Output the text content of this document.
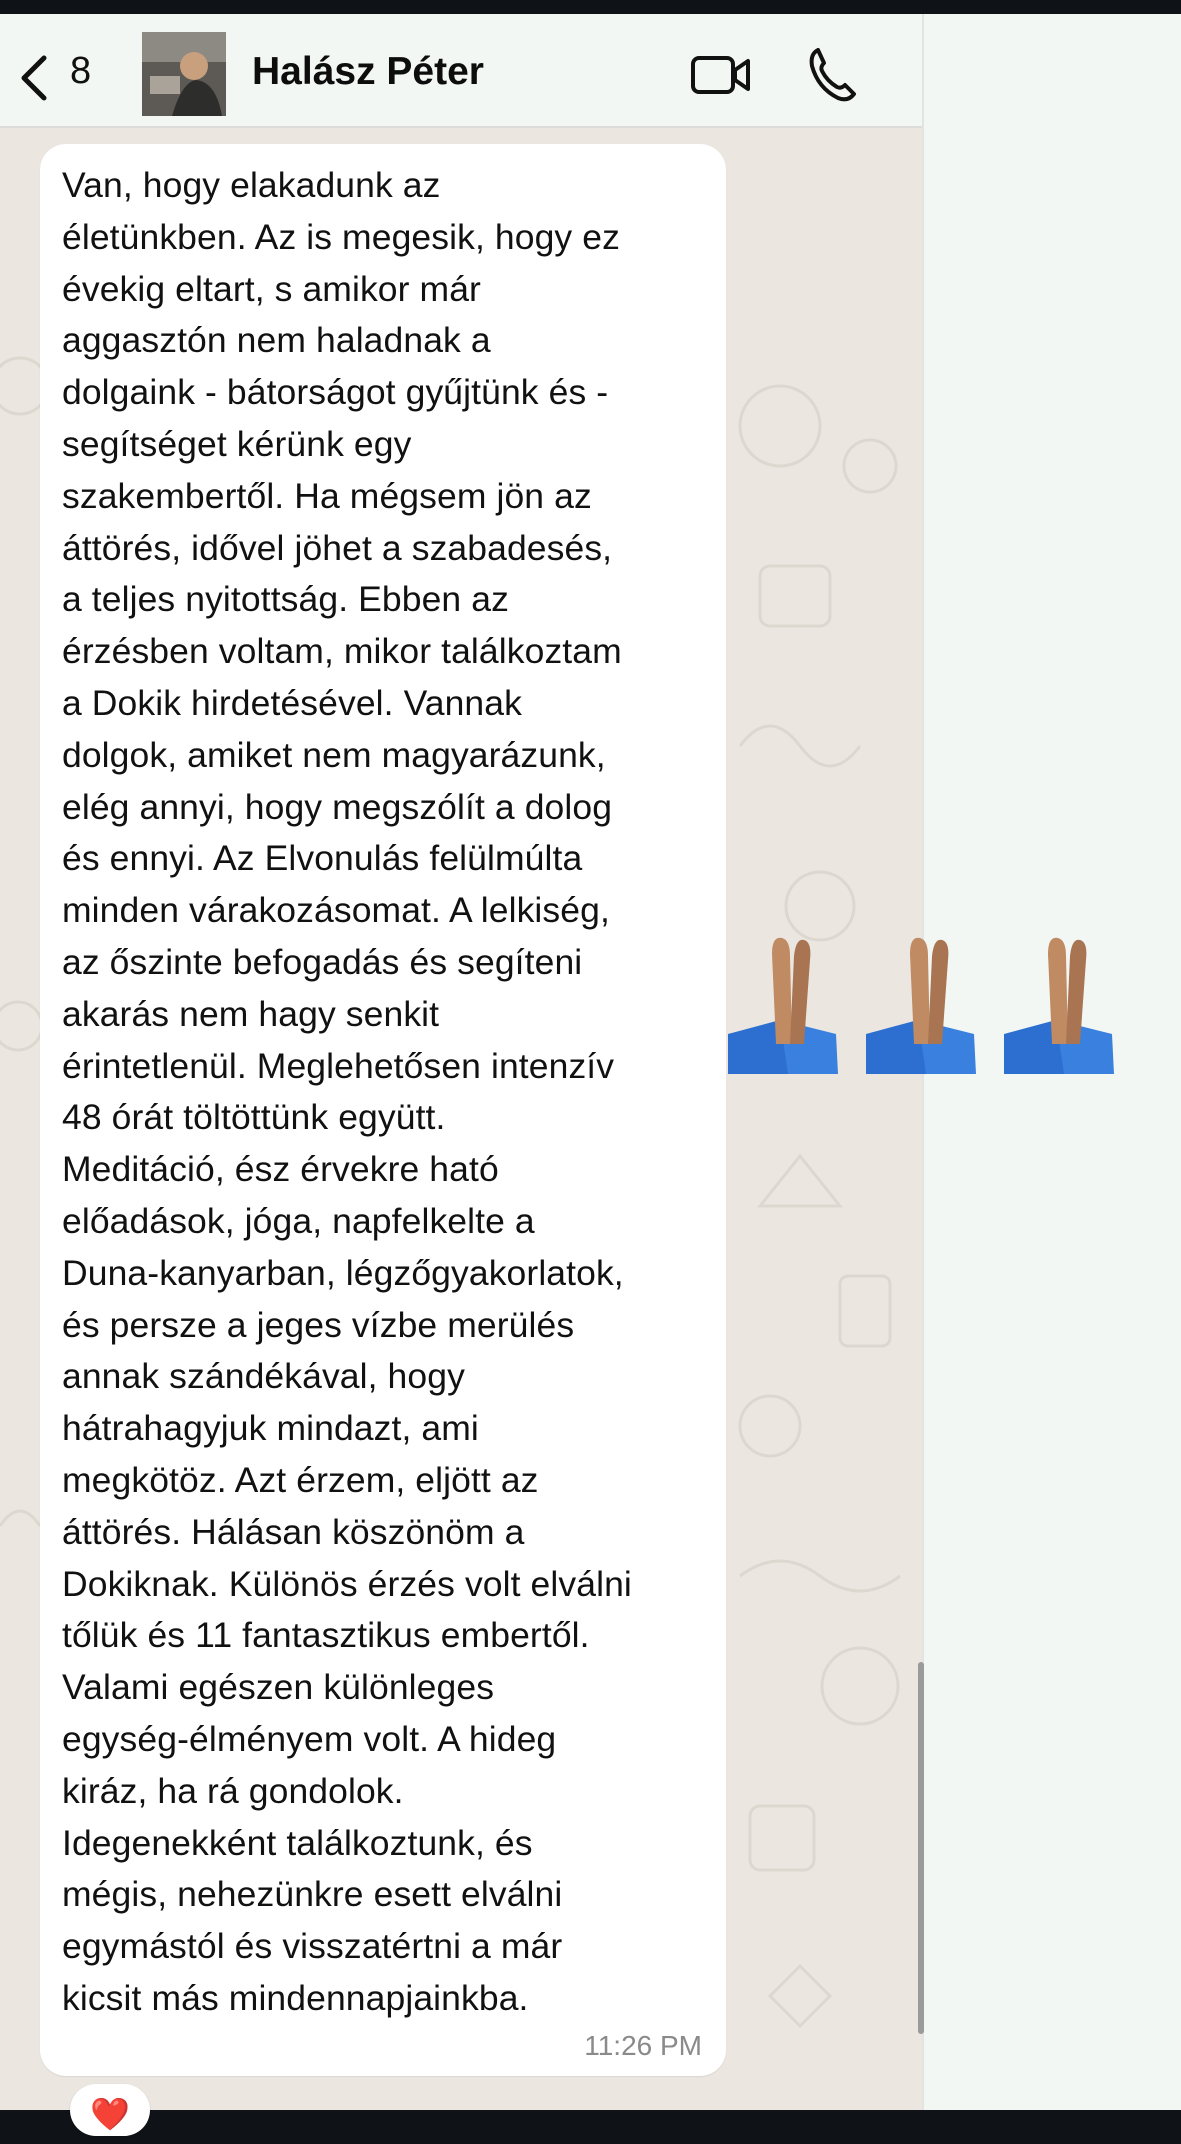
8	Halász Péter

Van, hogy elakadunk az
életünkben. Az is megesik, hogy ez
évekig eltart, s amikor már
aggasztón nem haladnak a
dolgaink - bátorságot gyűjtünk és -
segítséget kérünk egy
szakembertől. Ha mégsem jön az
áttörés, idővel jöhet a szabadesés,
a teljes nyitottság. Ebben az
érzésben voltam, mikor találkoztam
a Dokik hirdetésével. Vannak
dolgok, amiket nem magyarázunk,
elég annyi, hogy megszólít a dolog
és ennyi. Az Elvonulás felülmúlta
minden várakozásomat. A lelkiség,
az őszinte befogadás és segíteni
akarás nem hagy senkit
érintetlenül. Meglehetősen intenzív
48 órát töltöttünk együtt.
Meditáció, ész érvekre ható
előadások, jóga, napfelkelte a
Duna-kanyarban, légzőgyakorlatok,
és persze a jeges vízbe merülés
annak szándékával, hogy
hátrahagyjuk mindazt, ami
megkötöz. Azt érzem, eljött az
áttörés. Hálásan köszönöm a
Dokiknak. Különös érzés volt elválni
tőlük és 11 fantasztikus embertől.
Valami egészen különleges
egység-élményem volt. A hideg
kiráz, ha rá gondolok.
Idegenekként találkoztunk, és
mégis, nehezünkre esett elválni
egymástól és visszatértni a már
kicsit más mindennapjainkba.

11:26 PM
❤️
